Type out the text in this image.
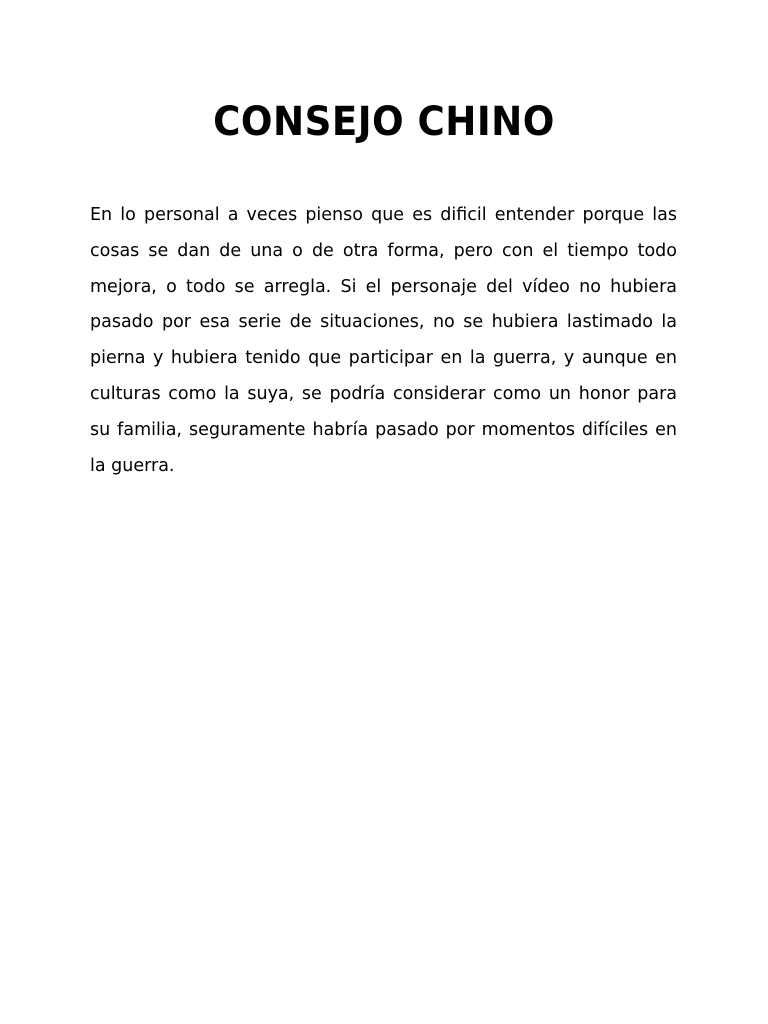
CONSEJO CHINO

En lo personal a veces pienso que es dificil entender porque las cosas se dan de una o de otra forma, pero con el tiempo todo mejora, o todo se arregla. Si el personaje del vídeo no hubiera pasado por esa serie de situaciones, no se hubiera lastimado la pierna y hubiera tenido que participar en la guerra, y aunque en culturas como la suya, se podría considerar como un honor para su familia, seguramente habría pasado por momentos difíciles en la guerra.
